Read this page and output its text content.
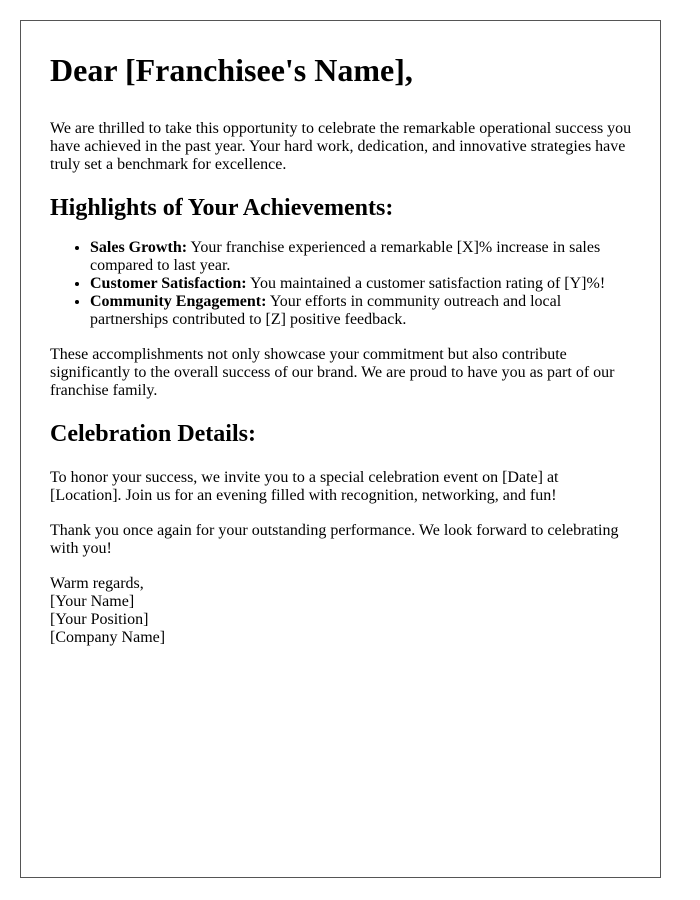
Dear [Franchisee's Name],

We are thrilled to take this opportunity to celebrate the remarkable operational success you have achieved in the past year. Your hard work, dedication, and innovative strategies have truly set a benchmark for excellence.

Highlights of Your Achievements:
• Sales Growth: Your franchise experienced a remarkable [X]% increase in sales compared to last year.
• Customer Satisfaction: You maintained a customer satisfaction rating of [Y]%!
• Community Engagement: Your efforts in community outreach and local partnerships contributed to [Z] positive feedback.

These accomplishments not only showcase your commitment but also contribute significantly to the overall success of our brand. We are proud to have you as part of our franchise family.

Celebration Details:

To honor your success, we invite you to a special celebration event on [Date] at [Location]. Join us for an evening filled with recognition, networking, and fun!

Thank you once again for your outstanding performance. We look forward to celebrating with you!

Warm regards,
[Your Name]
[Your Position]
[Company Name]
